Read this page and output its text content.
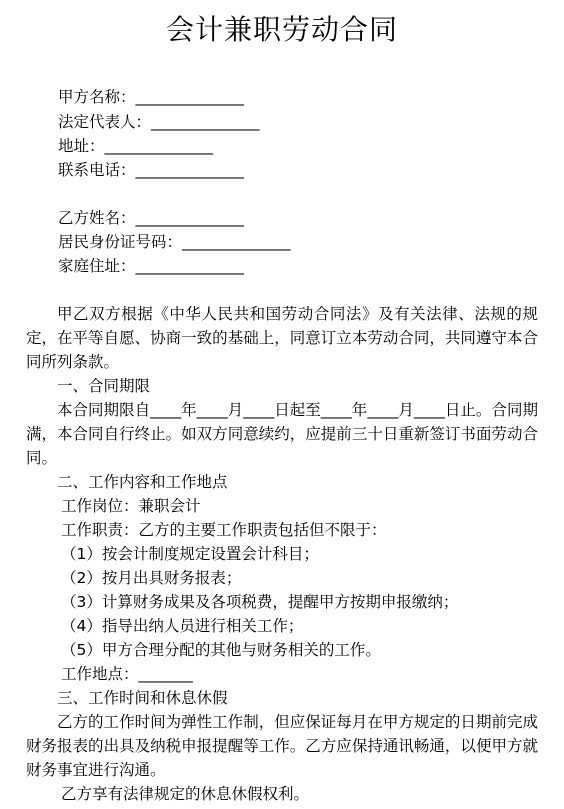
会计兼职劳动合同
甲方名称：______________
法定代表人：______________
地址：______________
联系电话：______________
乙方姓名：______________
居民身份证号码：______________
家庭住址：______________
甲乙双方根据《中华人民共和国劳动合同法》及有关法律、法规的规定，在平等自愿、协商一致的基础上，同意订立本劳动合同，共同遵守本合同所列条款。
一、合同期限
本合同期限自____年____月____日起至____年____月____日止。合同期满，本合同自行终止。如双方同意续约，应提前三十日重新签订书面劳动合同。
二、工作内容和工作地点
工作岗位：兼职会计
工作职责：乙方的主要工作职责包括但不限于：
（1）按会计制度规定设置会计科目；
（2）按月出具财务报表；
（3）计算财务成果及各项税费，提醒甲方按期申报缴纳；
（4）指导出纳人员进行相关工作；
（5）甲方合理分配的其他与财务相关的工作。
工作地点：_______
三、工作时间和休息休假
乙方的工作时间为弹性工作制，但应保证每月在甲方规定的日期前完成财务报表的出具及纳税申报提醒等工作。乙方应保持通讯畅通，以便甲方就财务事宜进行沟通。
乙方享有法律规定的休息休假权利。
